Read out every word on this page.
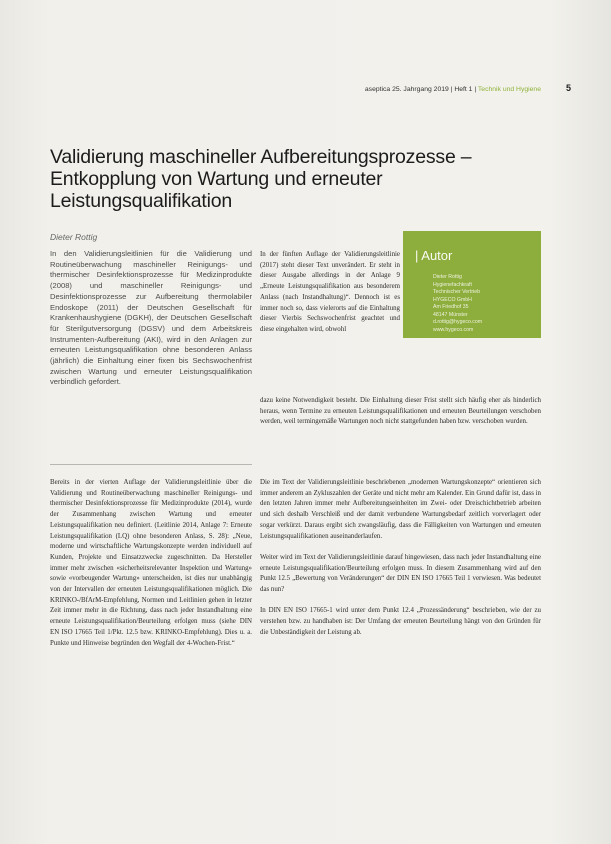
aseptica 25. Jahrgang 2019 | Heft 1 | Technik und Hygiene	5
Validierung maschineller Aufbereitungsprozesse – Entkopplung von Wartung und erneuter Leistungsqualifikation
Dieter Rottig

In den Validierungsleitlinien für die Validierung und Routineüberwachung maschineller Reinigungs- und thermischer Desinfektionsprozesse für Medizinprodukte (2008) und maschineller Reinigungs- und Desinfektionsprozesse zur Aufbereitung thermolabiler Endoskope (2011) der Deutschen Gesellschaft für Krankenhaushygiene (DGKH), der Deutschen Gesellschaft für Sterilgutversorgung (DGSV) und dem Arbeitskreis Instrumenten-Aufbereitung (AKI), wird in den Anlagen zur erneuten Leistungsqualifikation ohne besonderen Anlass (jährlich) die Einhaltung einer fixen bis Sechswochenfrist zwischen Wartung und erneuter Leistungsqualifikation verbindlich gefordert.

In der fünften Auflage der Validierungsleitlinie (2017) steht dieser Text unverändert. Er steht in dieser Ausgabe allerdings in der Anlage 9 „Erneute Leistungsqualifikation aus besonderem Anlass (nach Instandhaltung)“. Dennoch ist es immer noch so, dass vielerorts auf die Einhaltung dieser Vierbis Sechswochenfrist geachtet und diese eingehalten wird, obwohl

| Autor
Dieter Rottig
Hygienefachkraft
Technischer Vertrieb
HYGECO GmbH
Am Friedhof 35
48147 Münster
d.rottig@hygeco.com
www.hygeco.com

dazu keine Notwendigkeit besteht. Die Einhaltung dieser Frist stellt sich häufig eher als hinderlich heraus, wenn Termine zu erneuten Leistungsqualifikationen und erneuten Beurteilungen verschoben werden, weil termingemäße Wartungen noch nicht stattgefunden haben bzw. verschoben wurden.

Bereits in der vierten Auflage der Validierungsleitlinie über die Validierung und Routineüberwachung maschineller Reinigungs- und thermischer Desinfektionsprozesse für Medizinprodukte (2014), wurde der Zusammenhang zwischen Wartung und erneuter Leistungsqualifikation neu definiert. (Leitlinie 2014, Anlage 7: Erneute Leistungsqualifikation (LQ) ohne besonderen Anlass, S. 28): „Neue, moderne und wirtschaftliche Wartungskonzepte werden individuell auf Kunden, Projekte und Einsatzzwecke zugeschnitten. Da Hersteller immer mehr zwischen «sicherheitsrelevanter Inspektion und Wartung» sowie «vorbeugender Wartung» unterscheiden, ist dies nur unabhängig von der Intervallen der erneuten Leistungsqualifikationen möglich. Die KRINKO-/BfArM-Empfehlung, Normen und Leitlinien gehen in letzter Zeit immer mehr in die Richtung, dass nach jeder Instandhaltung eine erneute Leistungsqualifikation/Beurteilung erfolgen muss (siehe DIN EN ISO 17665 Teil 1/Pkt. 12.5 bzw. KRINKO-Empfehlung). Dies u. a. Punkte und Hinweise begründen den Wegfall der 4-Wochen-Frist.“

Die im Text der Validierungsleitlinie beschriebenen „modernen Wartungskonzepte“ orientieren sich immer anderem an Zykluszahlen der Geräte und nicht mehr am Kalender. Ein Grund dafür ist, dass in den letzten Jahren immer mehr Aufbereitungseinheiten im Zwei- oder Dreischichtbetrieb arbeiten und sich deshalb Verschleiß und der damit verbundene Wartungsbedarf zeitlich vorverlagert oder sogar verkürzt. Daraus ergibt sich zwangsläufig, dass die Fälligkeiten von Wartungen und erneuten Leistungsqualifikationen auseinanderlaufen.

Weiter wird im Text der Validierungsleitlinie darauf hingewiesen, dass nach jeder Instandhaltung eine erneute Leistungsqualifikation/Beurteilung erfolgen muss. In diesem Zusammenhang wird auf den Punkt 12.5 „Bewertung von Veränderungen“ der DIN EN ISO 17665 Teil 1 verwiesen. Was bedeutet das nun?

In DIN EN ISO 17665-1 wird unter dem Punkt 12.4 „Prozessänderung“ beschrieben, wie der zu verstehen bzw. zu handhaben ist: Der Umfang der erneuten Beurteilung hängt von den Gründen für die Unbeständigkeit der Leistung ab.
